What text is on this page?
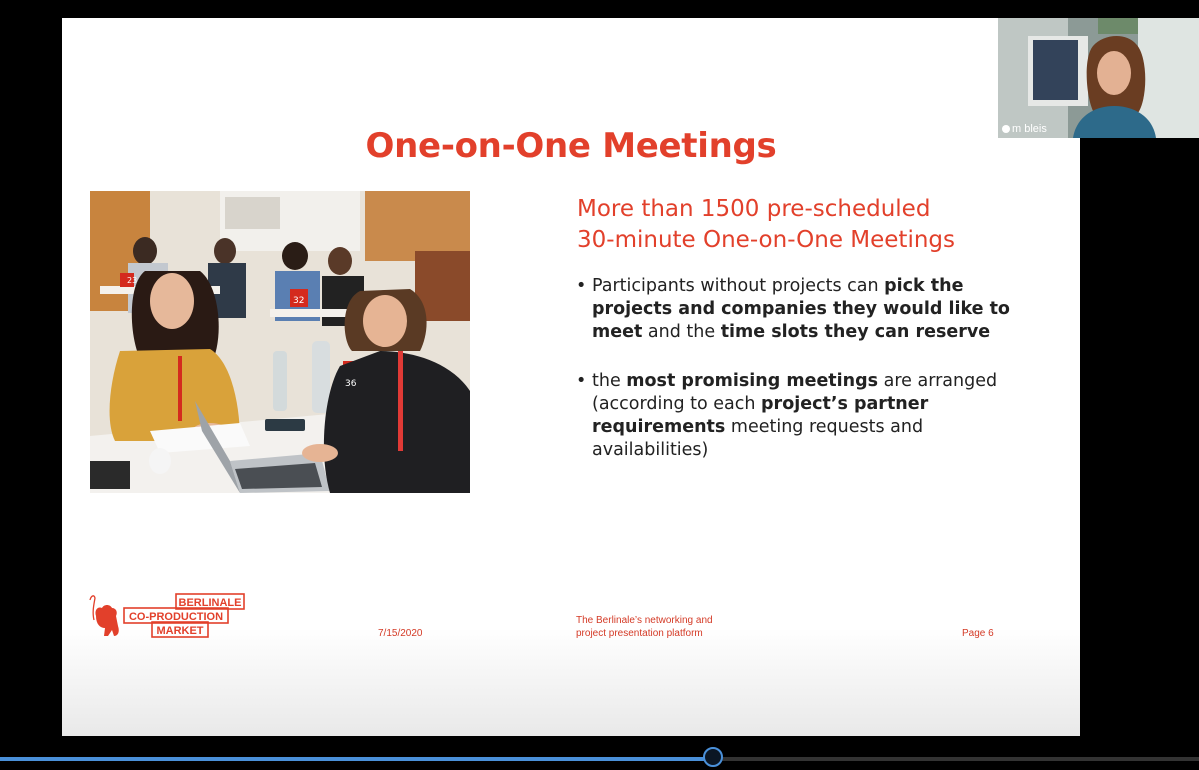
One-on-One Meetings
23
32
36
More than 1500 pre-scheduled
30-minute One-on-One Meetings
• Participants without projects can pick the projects and companies they would like to meet and the time slots they can reserve
• the most promising meetings are arranged (according to each project’s partner requirements meeting requests and availabilities)
BERLINALE
CO-PRODUCTION
MARKET	7/15/2020
The Berlinale’s networking and
project presentation platform	Page 6
m bleis
